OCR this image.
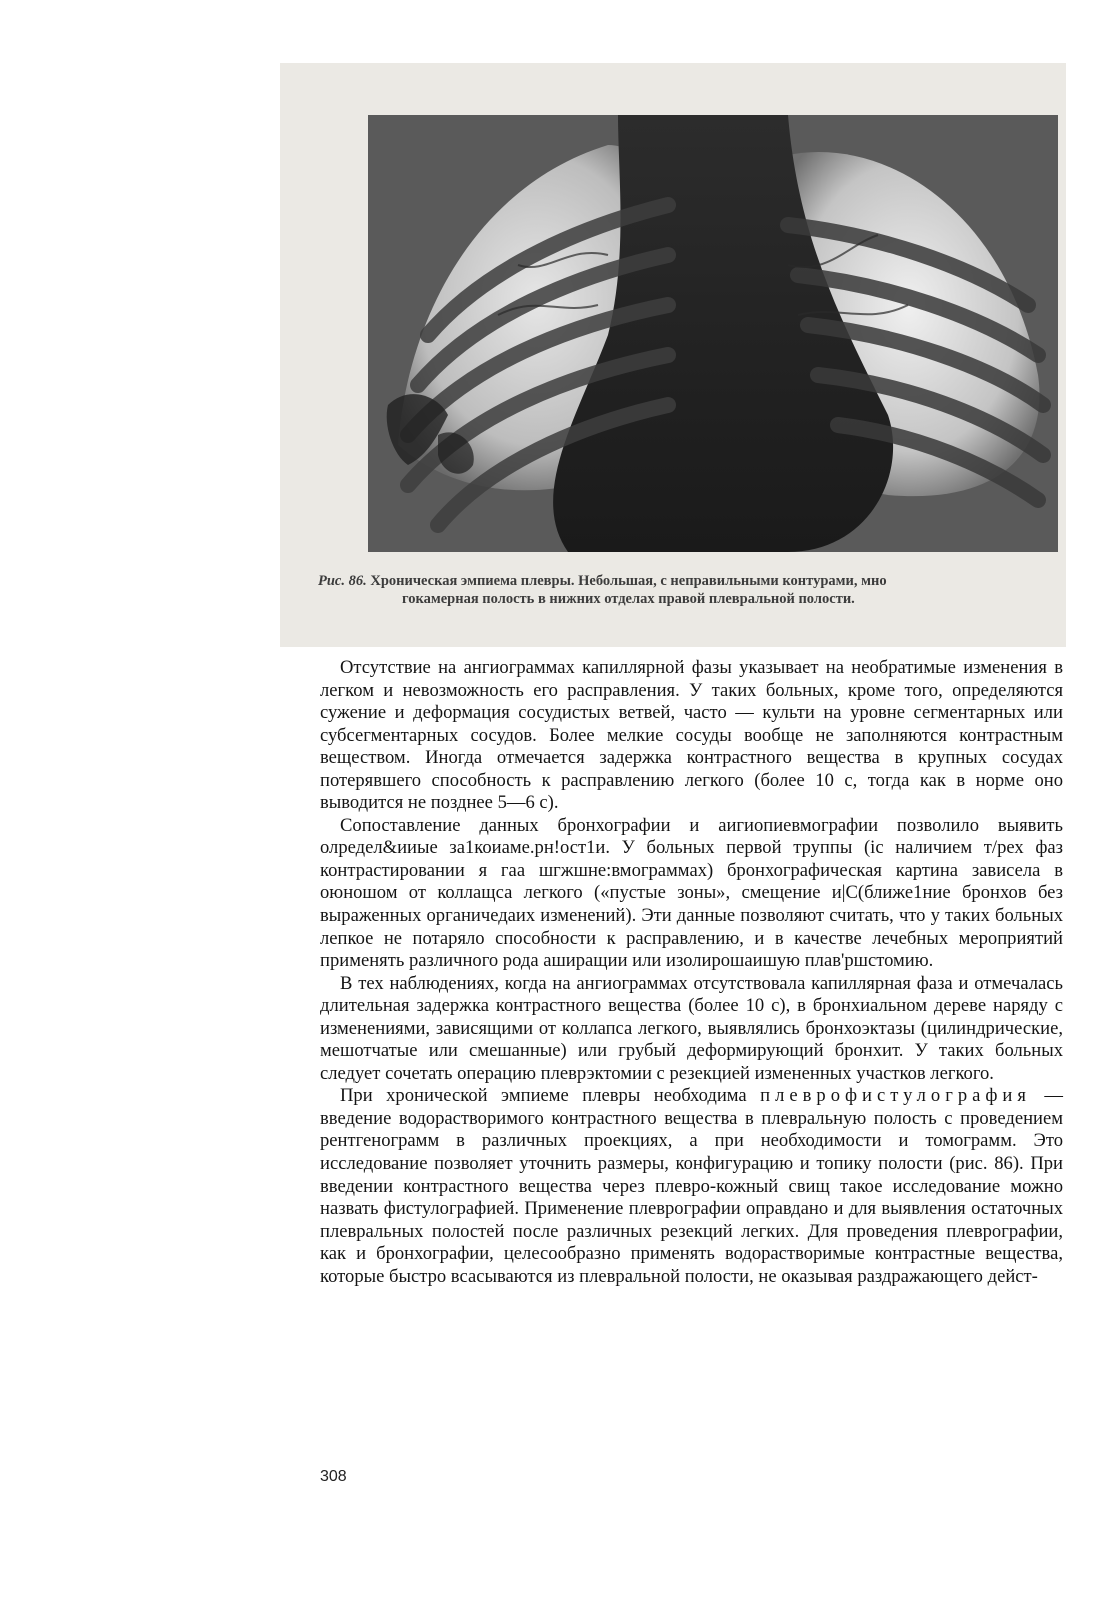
Рис. 86. Хроническая эмпиема плевры. Небольшая, с неправильными контурами, мно
гокамерная полость в нижних отделах правой плевральной полости.

Отсутствие на ангиограммах капиллярной фазы указывает на необратимые изменения в легком и невозможность его расправления. У таких больных, кроме того, определяются сужение и деформация сосудистых ветвей, часто — культи на уровне сегментарных или субсегментарных сосудов. Более мелкие сосуды вообще не заполняются контрастным веществом. Иногда отмечается задержка контрастного вещества в крупных сосудах потерявшего способность к расправлению легкого (более 10 с, тогда как в норме оно выводится не позднее 5—6 с).

Сопоставление данных бронхографии и аигиопиевмографии позволило выявить олредел&ииые за1коиаме.рн!ост1и. У больных первой труппы (ic наличием т/рех фаз контрастировании я гаа шгжшне:вмограммах) бронхографическая картина зависела в оюношом от коллащса легкого («пустые зоны», смещение и|С(ближе1ние бронхов без выраженных органичедаих изменений). Эти данные позволяют считать, что у таких больных лепкое не потаряло способности к расправлению, и в качестве лечебных мероприятий применять различного рода аширащии или изолирошаишую плав'ршстомию.

В тех наблюдениях, когда на ангиограммах отсутствовала капиллярная фаза и отмечалась длительная задержка контрастного вещества (более 10 с), в бронхиальном дереве наряду с изменениями, зависящими от коллапса легкого, выявлялись бронхоэктазы (цилиндрические, мешотчатые или смешанные) или грубый деформирующий бронхит. У таких больных следует сочетать операцию плеврэктомии с резекцией измененных участков легкого.

При хронической эмпиеме плевры необходима плеврофистулография — введение водорастворимого контрастного вещества в плевральную полость с проведением рентгенограмм в различных проекциях, а при необходимости и томограмм. Это исследование позволяет уточнить размеры, конфигурацию и топику полости (рис. 86). При введении контрастного вещества через плевро-кожный свищ такое исследование можно назвать фистулографией. Применение плеврографии оправдано и для выявления остаточных плевральных полостей после различных резекций легких. Для проведения плеврографии, как и бронхографии, целесообразно применять водорастворимые контрастные вещества, которые быстро всасываются из плевральной полости, не оказывая раздражающего дейст-

308
